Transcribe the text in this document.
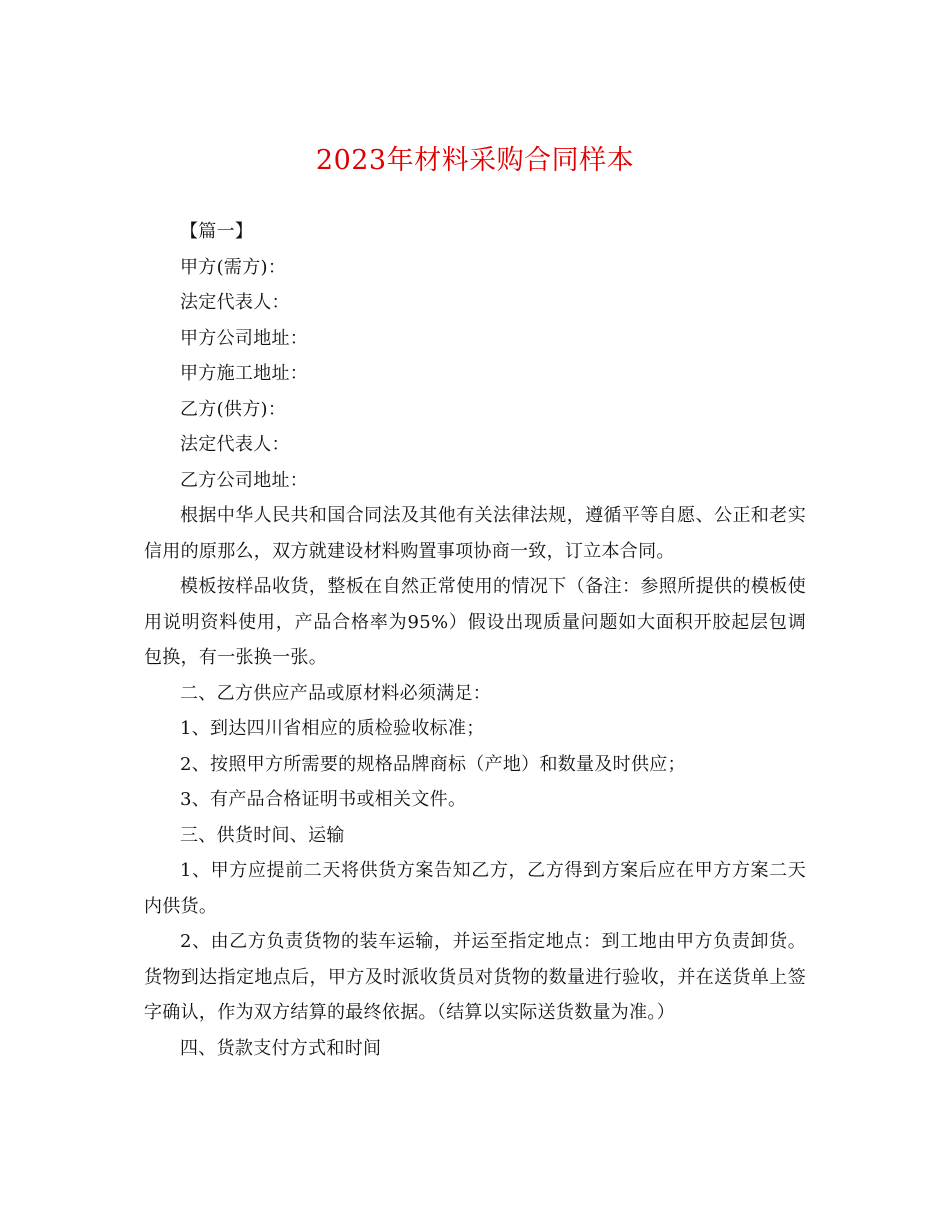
2023年材料采购合同样本

【篇一】

甲方(需方)：

法定代表人：

甲方公司地址：

甲方施工地址：

乙方(供方)：

法定代表人：

乙方公司地址：

根据中华人民共和国合同法及其他有关法律法规，遵循平等自愿、公正和老实信用的原那么，双方就建设材料购置事项协商一致，订立本合同。

模板按样品收货，整板在自然正常使用的情况下（备注：参照所提供的模板使用说明资料使用，产品合格率为95%）假设出现质量问题如大面积开胶起层包调包换，有一张换一张。

二、乙方供应产品或原材料必须满足：

1、到达四川省相应的质检验收标准；

2、按照甲方所需要的规格品牌商标（产地）和数量及时供应；

3、有产品合格证明书或相关文件。

三、供货时间、运输

1、甲方应提前二天将供货方案告知乙方，乙方得到方案后应在甲方方案二天内供货。

2、由乙方负责货物的装车运输，并运至指定地点：到工地由甲方负责卸货。货物到达指定地点后，甲方及时派收货员对货物的数量进行验收，并在送货单上签字确认，作为双方结算的最终依据。（结算以实际送货数量为准。）

四、货款支付方式和时间
